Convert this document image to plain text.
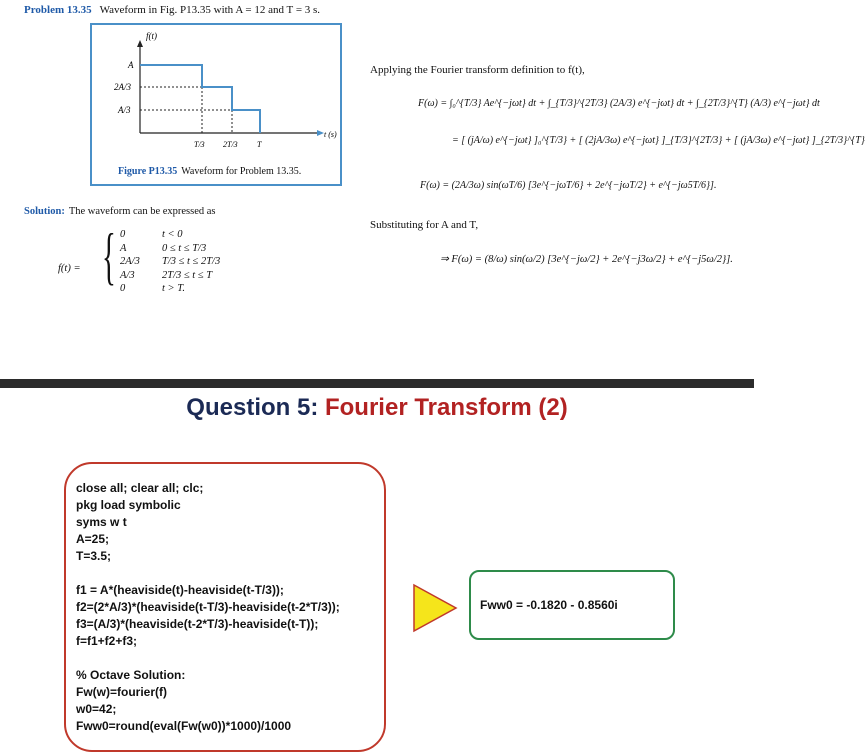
Problem 13.35 Waveform in Fig. P13.35 with A = 12 and T = 3 s.
f(t)
t (s)
A
2A/3
A/3
T/3 2T/3 T
Figure P13.35 Waveform for Problem 13.35.
Solution: The waveform can be expressed as
f(t) = { 0	t < 0
A	0 ≤ t ≤ T/3
2A/3 T/3 ≤ t ≤ 2T/3
A/3	2T/3 ≤ t ≤ T
0	t > T.
Applying the Fourier transform definition to f(t),
F(ω) = ∫₀^{T/3} Ae^{−jωt} dt + ∫_{T/3}^{2T/3} (2A/3) e^{−jωt} dt + ∫_{2T/3}^{T} (A/3) e^{−jωt} dt
= [ (jA/ω) e^{−jωt} ]₀^{T/3} + [ (2jA/3ω) e^{−jωt} ]_{T/3}^{2T/3} + [ (jA/3ω) e^{−jωt} ]_{2T/3}^{T}
F(ω) = (2A/3ω) sin(ωT/6) [3e^{−jωT/6} + 2e^{−jωT/2} + e^{−jω5T/6}].
Substituting for A and T,
⇒ F(ω) = (8/ω) sin(ω/2) [3e^{−jω/2} + 2e^{−j3ω/2} + e^{−j5ω/2}].
Question 5: Fourier Transform (2)
close all; clear all; clc;
pkg load symbolic
syms w t
A=25;
T=3.5;
f1 = A*(heaviside(t)-heaviside(t-T/3));
f2=(2*A/3)*(heaviside(t-T/3)-heaviside(t-2*T/3));
f3=(A/3)*(heaviside(t-2*T/3)-heaviside(t-T));
f=f1+f2+f3;
% Octave Solution:
Fw(w)=fourier(f)
w0=42;
Fww0=round(eval(Fw(w0))*1000)/1000
Fww0 = -0.1820 - 0.8560i
